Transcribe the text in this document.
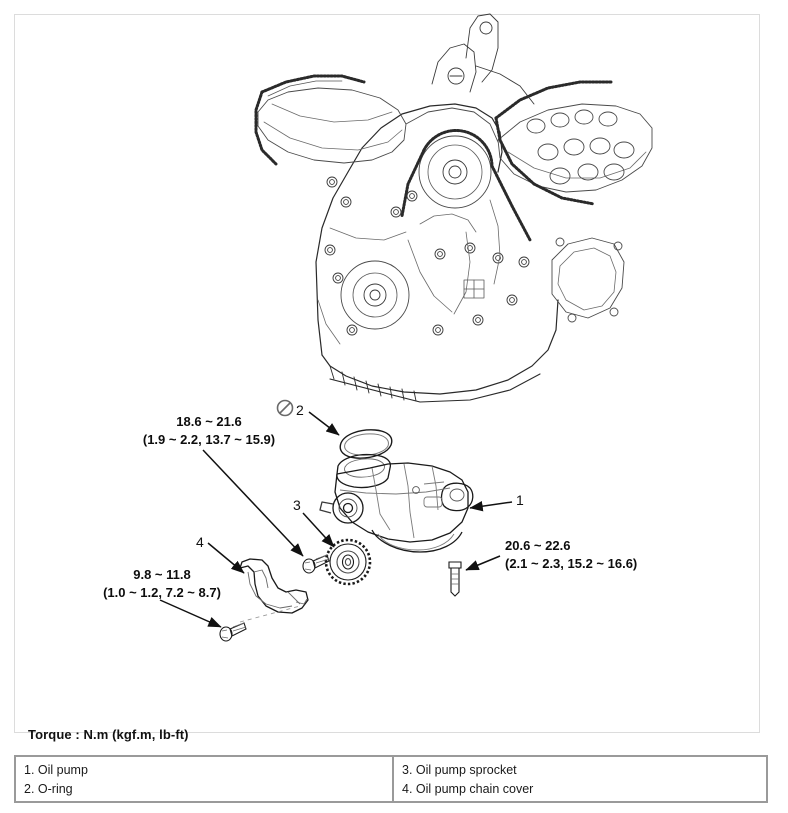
18.6 ~ 21.6
(1.9 ~ 2.2, 13.7 ~ 15.9)
9.8 ~ 11.8
(1.0 ~ 1.2, 7.2 ~ 8.7)
20.6 ~ 22.6
(2.1 ~ 2.3, 15.2 ~ 16.6)
1
2
3
4
Torque : N.m (kgf.m, lb-ft)
1. Oil pump
2. O-ring
3. Oil pump sprocket
4. Oil pump chain cover
